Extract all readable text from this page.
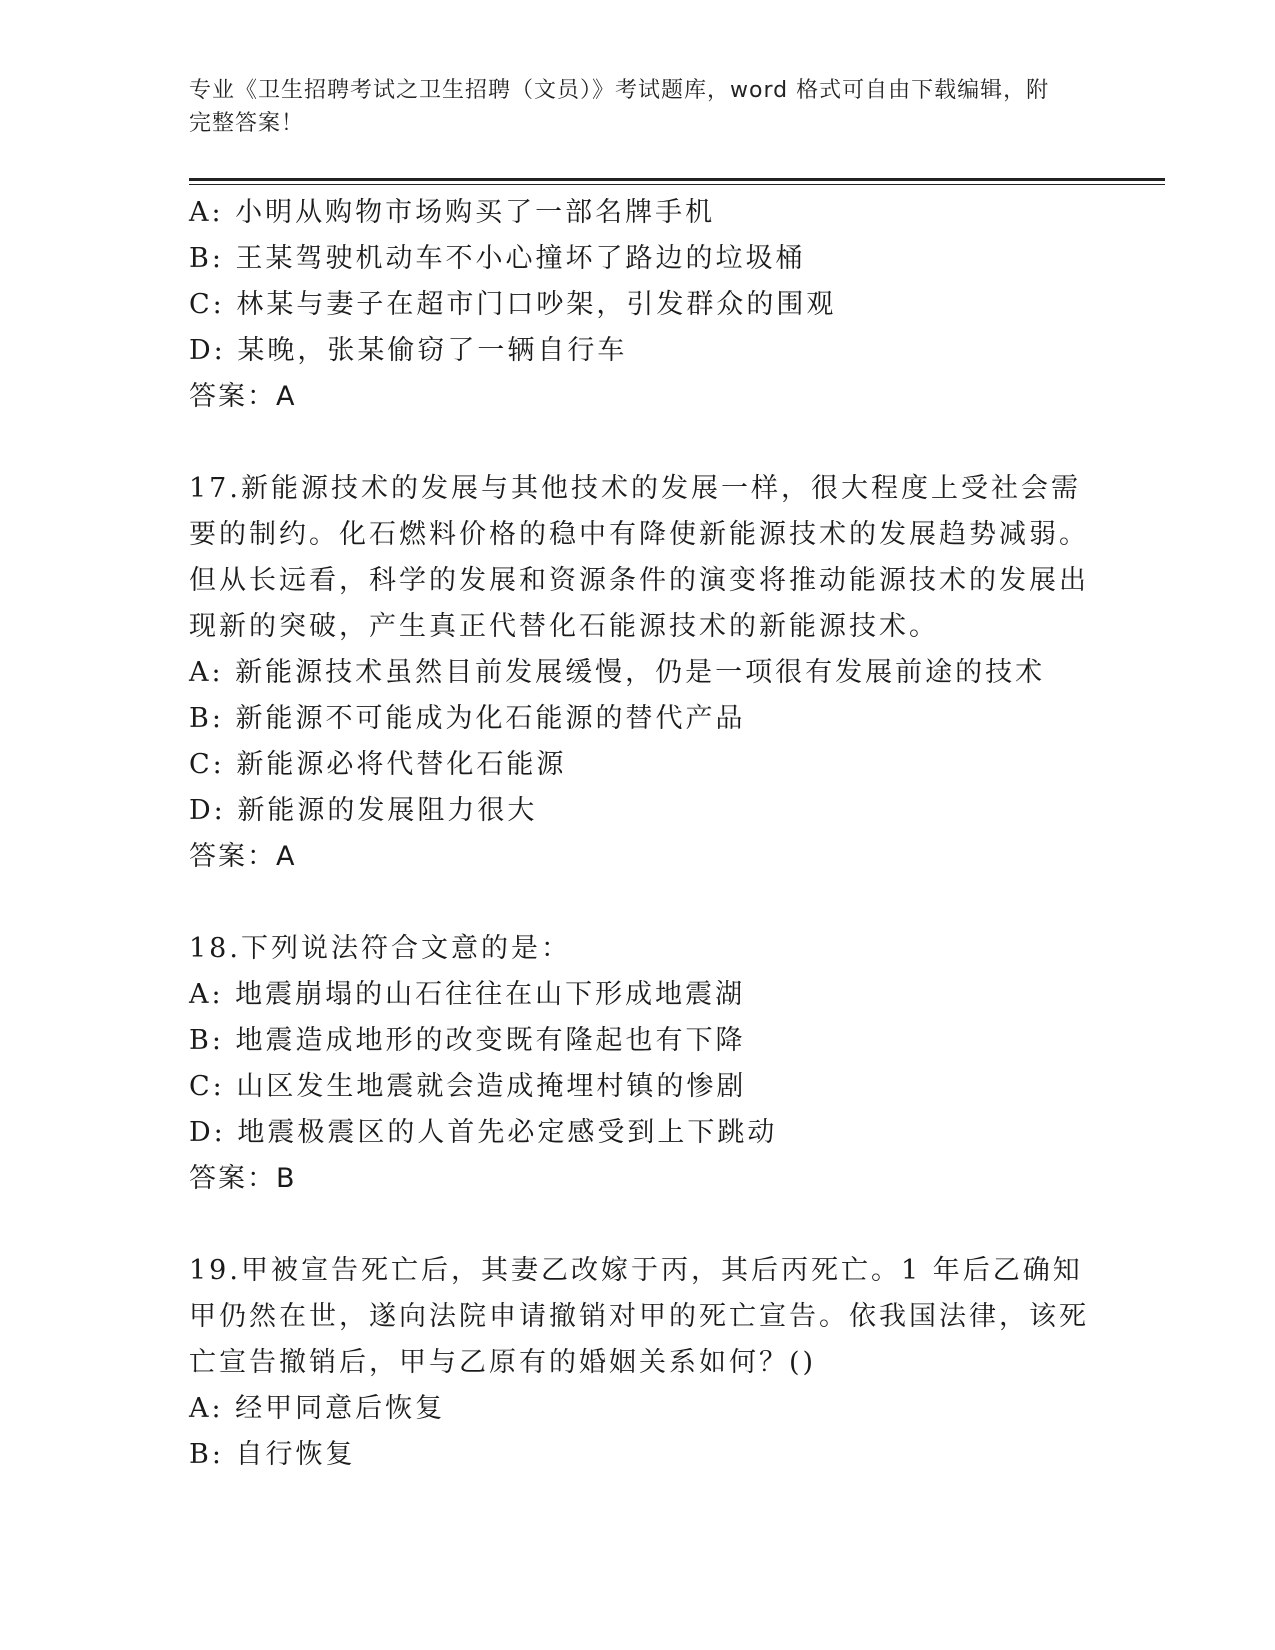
专业《卫生招聘考试之卫生招聘（文员）》考试题库，word 格式可自由下载编辑，附完整答案！
A: 小明从购物市场购买了一部名牌手机
B: 王某驾驶机动车不小心撞坏了路边的垃圾桶
C: 林某与妻子在超市门口吵架，引发群众的围观
D: 某晚，张某偷窃了一辆自行车
答案：A
17.新能源技术的发展与其他技术的发展一样，很大程度上受社会需要的制约。化石燃料价格的稳中有降使新能源技术的发展趋势减弱。但从长远看，科学的发展和资源条件的演变将推动能源技术的发展出现新的突破，产生真正代替化石能源技术的新能源技术。
A: 新能源技术虽然目前发展缓慢，仍是一项很有发展前途的技术
B: 新能源不可能成为化石能源的替代产品
C: 新能源必将代替化石能源
D: 新能源的发展阻力很大
答案：A
18.下列说法符合文意的是：
A: 地震崩塌的山石往往在山下形成地震湖
B: 地震造成地形的改变既有隆起也有下降
C: 山区发生地震就会造成掩埋村镇的惨剧
D: 地震极震区的人首先必定感受到上下跳动
答案：B
19.甲被宣告死亡后，其妻乙改嫁于丙，其后丙死亡。1 年后乙确知甲仍然在世，遂向法院申请撤销对甲的死亡宣告。依我国法律，该死亡宣告撤销后，甲与乙原有的婚姻关系如何？()
A: 经甲同意后恢复
B: 自行恢复
